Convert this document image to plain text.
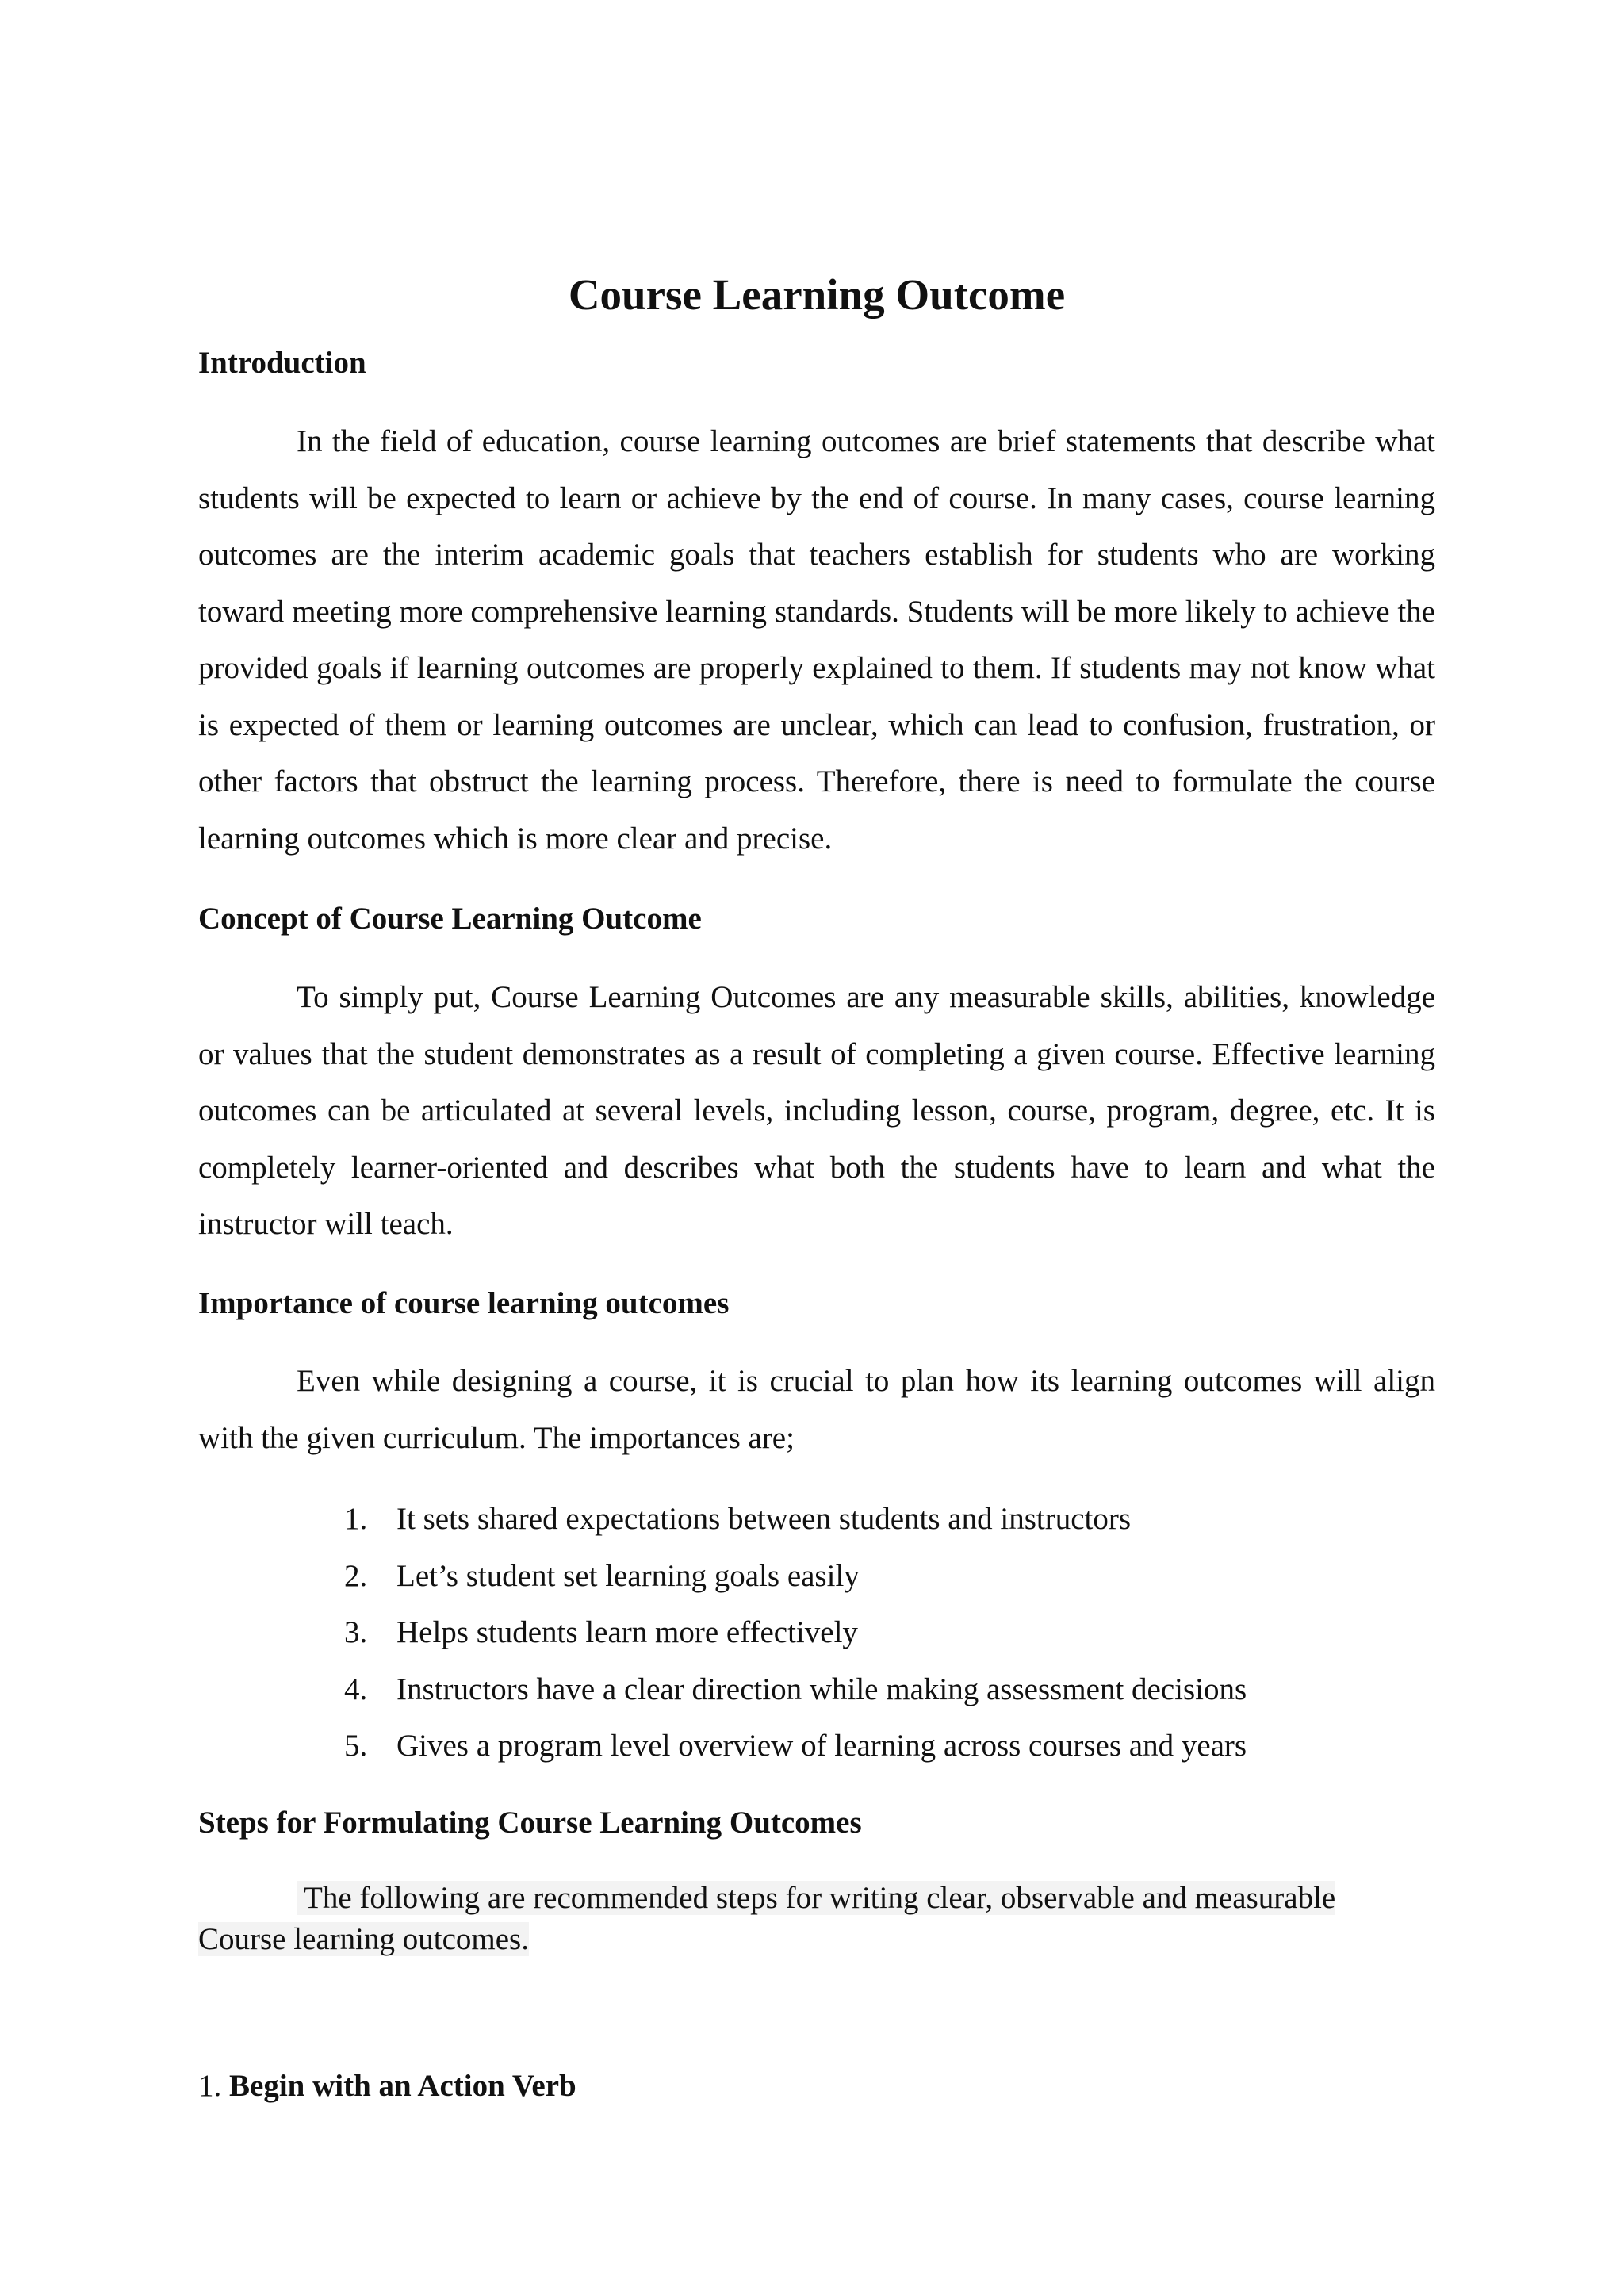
Course Learning Outcome
Introduction

In the field of education, course learning outcomes are brief statements that describe what students will be expected to learn or achieve by the end of course. In many cases, course learning outcomes are the interim academic goals that teachers establish for students who are working toward meeting more comprehensive learning standards. Students will be more likely to achieve the provided goals if learning outcomes are properly explained to them. If students may not know what is expected of them or learning outcomes are unclear, which can lead to confusion, frustration, or other factors that obstruct the learning process. Therefore, there is need to formulate the course learning outcomes which is more clear and precise.

Concept of Course Learning Outcome

To simply put, Course Learning Outcomes are any measurable skills, abilities, knowledge or values that the student demonstrates as a result of completing a given course. Effective learning outcomes can be articulated at several levels, including lesson, course, program, degree, etc. It is completely learner-oriented and describes what both the students have to learn and what the instructor will teach.

Importance of course learning outcomes

Even while designing a course, it is crucial to plan how its learning outcomes will align with the given curriculum. The importances are;

1. It sets shared expectations between students and instructors
2. Let’s student set learning goals easily
3. Helps students learn more effectively
4. Instructors have a clear direction while making assessment decisions
5. Gives a program level overview of learning across courses and years
Steps for Formulating Course Learning Outcomes

The following are recommended steps for writing clear, observable and measurable
Course learning outcomes.

1. Begin with an Action Verb
